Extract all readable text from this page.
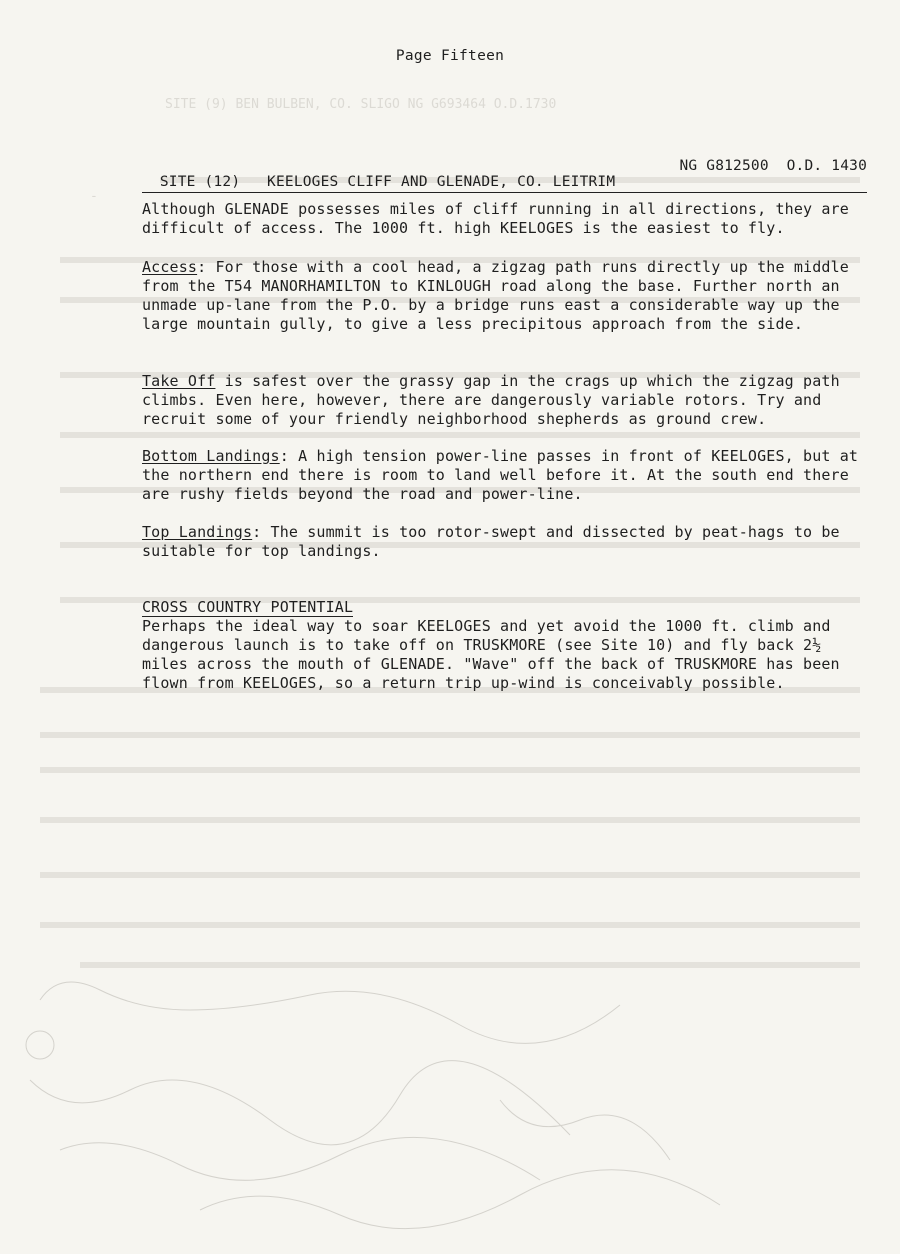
SITE (9) BEN BULBEN, CO. SLIGO NG G693464 O.D.1730
-
Page Fifteen

NG G812500  O.D. 1430

SITE (12)   KEELOGES CLIFF AND GLENADE, CO. LEITRIM

Although GLENADE possesses miles of cliff running in all directions, they are difficult of access. The 1000 ft. high KEELOGES is the easiest to fly.

Access: For those with a cool head, a zigzag path runs directly up the middle from the T54 MANORHAMILTON to KINLOUGH road along the base. Further north an unmade up-lane from the P.O. by a bridge runs east a considerable way up the large mountain gully, to give a less precipitous approach from the side.

Take Off is safest over the grassy gap in the crags up which the zigzag path climbs. Even here, however, there are dangerously variable rotors. Try and recruit some of your friendly neighborhood shepherds as ground crew.

Bottom Landings: A high tension power-line passes in front of KEELOGES, but at the northern end there is room to land well before it. At the south end there are rushy fields beyond the road and power-line.

Top Landings: The summit is too rotor-swept and dissected by peat-hags to be suitable for top landings.

CROSS COUNTRY POTENTIAL

Perhaps the ideal way to soar KEELOGES and yet avoid the 1000 ft. climb and dangerous launch is to take off on TRUSKMORE (see Site 10) and fly back 2½ miles across the mouth of GLENADE. "Wave" off the back of TRUSKMORE has been flown from KEELOGES, so a return trip up-wind is conceivably possible.
